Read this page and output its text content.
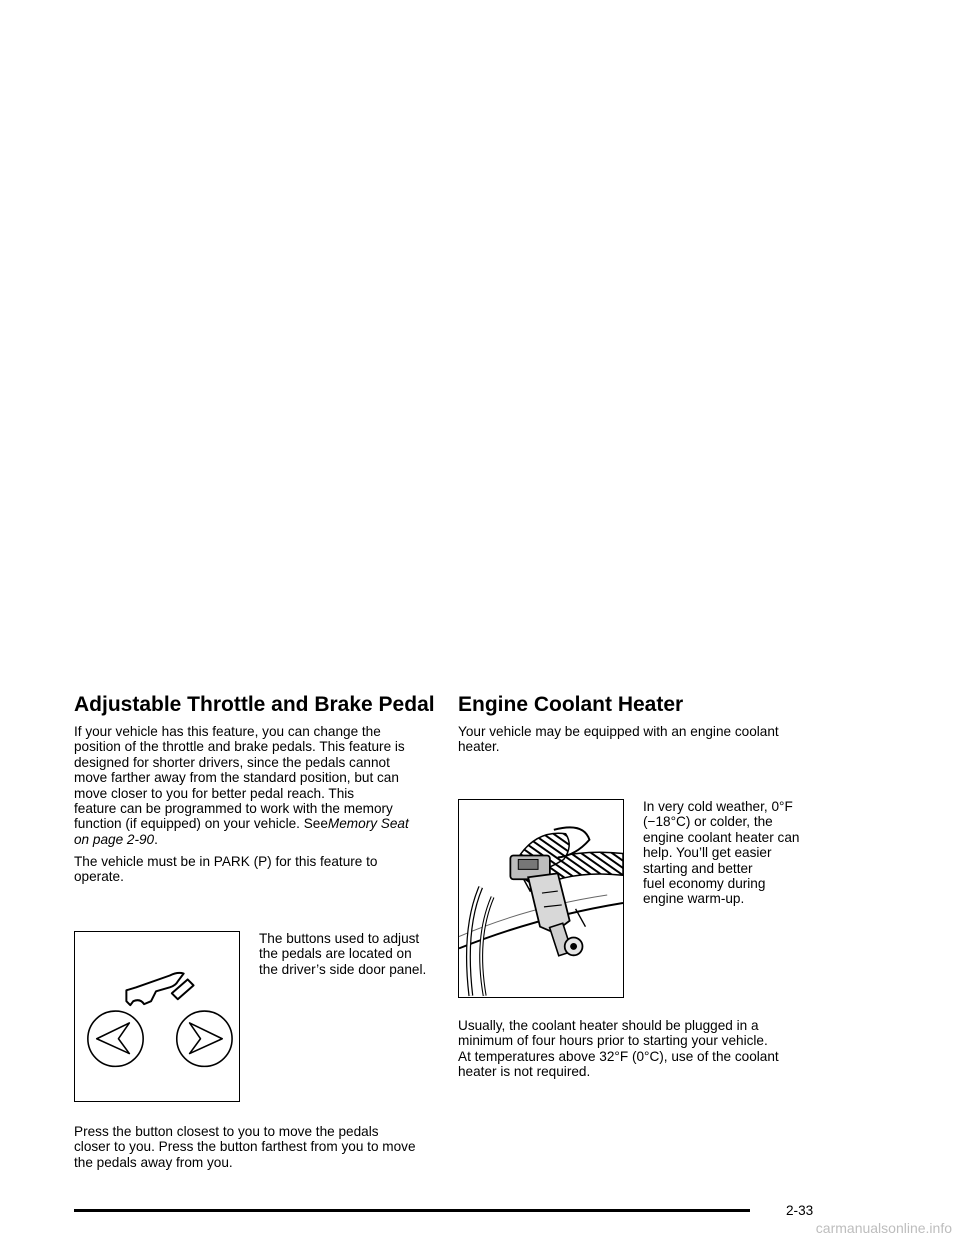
Adjustable Throttle and Brake Pedal

If your vehicle has this feature, you can change the
position of the throttle and brake pedals. This feature is
designed for shorter drivers, since the pedals cannot
move farther away from the standard position, but can
move closer to you for better pedal reach. This
feature can be programmed to work with the memory
function (if equipped) on your vehicle. SeeMemory Seat
on page 2-90.

The vehicle must be in PARK (P) for this feature to
operate.

The buttons used to adjust
the pedals are located on
the driver’s side door panel.

Press the button closest to you to move the pedals
closer to you. Press the button farthest from you to move
the pedals away from you.

Engine Coolant Heater

Your vehicle may be equipped with an engine coolant
heater.

In very cold weather, 0°F
(−18°C) or colder, the
engine coolant heater can
help. You’ll get easier
starting and better
fuel economy during
engine warm-up.

Usually, the coolant heater should be plugged in a
minimum of four hours prior to starting your vehicle.
At temperatures above 32°F (0°C), use of the coolant
heater is not required.

2-33
carmanualsonline.info
